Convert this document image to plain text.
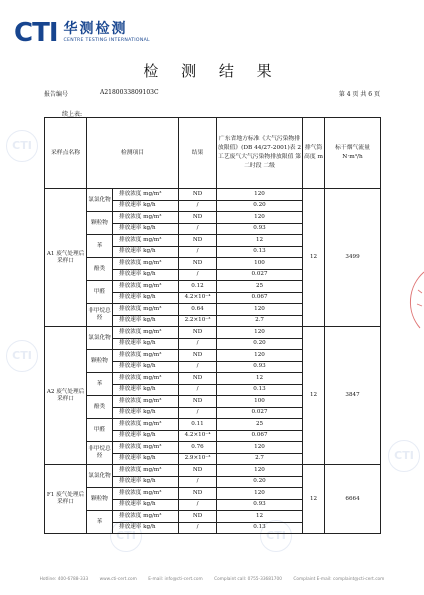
CTI
CTI
CTI
CTI	CTI
CTI 华测检测
CENTRE TESTING INTERNATIONAL
检 测 结 果
报告编号	A2180033809103C	第 4 页 共 6 页
续上表:
采样点名称	检测项目		结果	广东省地方标准《大气污染物排放限值》(DB 44/27-2001)表 2 工艺废气大气污染物排放限值 第二时段 二级	排气筒高度 m	标干烟气流量 N·m³/h
A1 废气处理后采样口	氯氯化物	排放浓度 mg/m³	ND	120	12	3499
		排放速率 kg/h	/	0.20		
	颗粒物	排放浓度 mg/m³	ND	120		
		排放速率 kg/h	/	0.93		
	苯	排放浓度 mg/m³	ND	12		
		排放速率 kg/h	/	0.13		
	酚类	排放浓度 mg/m³	ND	100		
		排放速率 kg/h	/	0.027		
	甲醛	排放浓度 mg/m³	0.12	25		
		排放速率 kg/h	4.2×10⁻⁴	0.067		
	非甲烷总烃	排放浓度 mg/m³	0.64	120		
		排放速率 kg/h	2.2×10⁻³	2.7		
A2 废气处理后采样口	氯氯化物	排放浓度 mg/m³	ND	120	12	3847
		排放速率 kg/h	/	0.20		
	颗粒物	排放浓度 mg/m³	ND	120		
		排放速率 kg/h	/	0.93		
	苯	排放浓度 mg/m³	ND	12		
		排放速率 kg/h	/	0.13		
	酚类	排放浓度 mg/m³	ND	100		
		排放速率 kg/h	/	0.027		
	甲醛	排放浓度 mg/m³	0.11	25		
		排放速率 kg/h	4.2×10⁻⁴	0.067		
	非甲烷总烃	排放浓度 mg/m³	0.76	120		
		排放速率 kg/h	2.9×10⁻³	2.7		
F1 废气处理后采样口	氯氯化物	排放浓度 mg/m³	ND	120	12	6664
		排放速率 kg/h	/	0.20		
	颗粒物	排放浓度 mg/m³	ND	120		
		排放速率 kg/h	/	0.93		
	苯	排放浓度 mg/m³	ND	12		
		排放速率 kg/h	/	0.13		
Hotline: 400-6788-333	www.cti-cert.com	E-mail: info@cti-cert.com	Complaint call: 0755-33681700	Complaint E-mail: complaint@cti-cert.com
